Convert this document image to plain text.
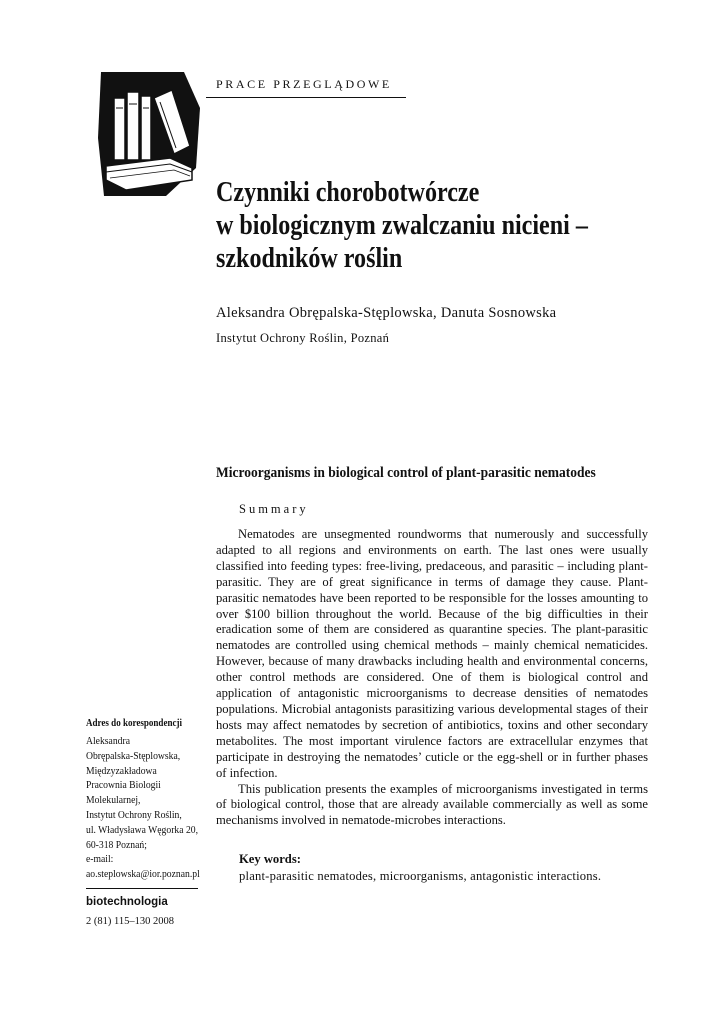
PRACE PRZEGLĄDOWE
Czynniki chorobotwórcze
w biologicznym zwalczaniu nicieni –
szkodników roślin
Aleksandra Obrępalska-Stęplowska, Danuta Sosnowska
Instytut Ochrony Roślin, Poznań
Microorganisms in biological control of plant-parasitic nematodes
Summary

Nematodes are unsegmented roundworms that numerously and successfully adapted to all regions and environments on earth. The last ones were usually classified into feeding types: free-living, predaceous, and parasitic – including plant-parasitic. They are of great significance in terms of damage they cause. Plant-parasitic nematodes have been reported to be responsible for the losses amounting to over $100 billion throughout the world. Because of the big difficulties in their eradication some of them are considered as quarantine species. The plant-parasitic nematodes are controlled using chemical methods – mainly chemical nematicides. However, because of many drawbacks including health and environmental concerns, other control methods are considered. One of them is biological control and application of antagonistic microorganisms to decrease densities of nematodes populations. Microbial antagonists parasitizing various developmental stages of their hosts may affect nematodes by secretion of antibiotics, toxins and other secondary metabolites. The most important virulence factors are extracellular enzymes that participate in destroying the nematodes’ cuticle or the egg-shell or in further phases of infection.

This publication presents the examples of microorganisms investigated in terms of biological control, those that are already available commercially as well as some mechanisms involved in nematode-microbes interactions.

Key words:
plant-parasitic nematodes, microorganisms, antagonistic interactions.
Adres do korespondencji
Aleksandra
Obrępalska-Stęplowska,
Międzyzakładowa
Pracownia Biologii
Molekularnej,
Instytut Ochrony Roślin,
ul. Władysława Węgorka 20,
60-318 Poznań;
e-mail:
ao.steplowska@ior.poznan.pl
biotechnologia
2 (81) 115–130 2008
